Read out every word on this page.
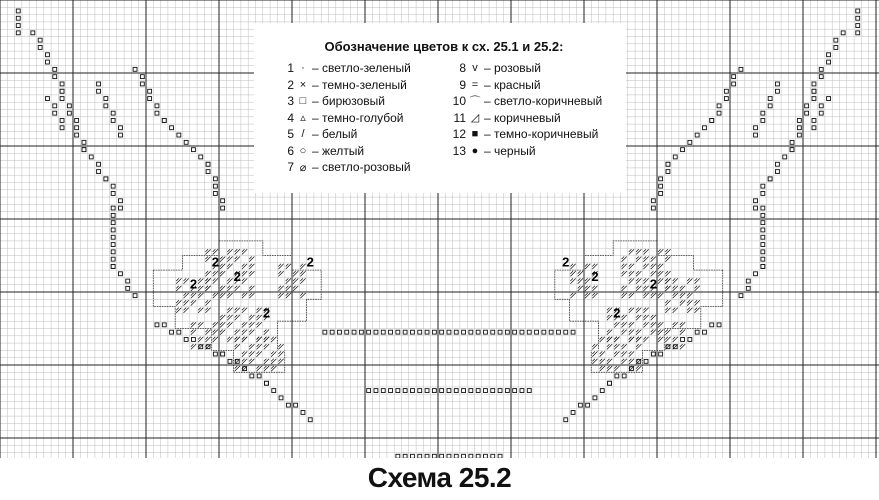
2
2
2
2
2
2
2
2
2
Обозначение цветов к сх. 25.1 и 25.2:
1 · – светло-зеленый
2 × – темно-зеленый
3 □ – бирюзовый
4 ▵ – темно-голубой
5 / – белый
6 ○ – желтый
7 ⌀ – светло-розовый
8 v – розовый
9 = – красный
10 ⌒ – светло-коричневый
11 ◿ – коричневый
12 ■ – темно-коричневый
13 ● – черный
Схема 25.2
